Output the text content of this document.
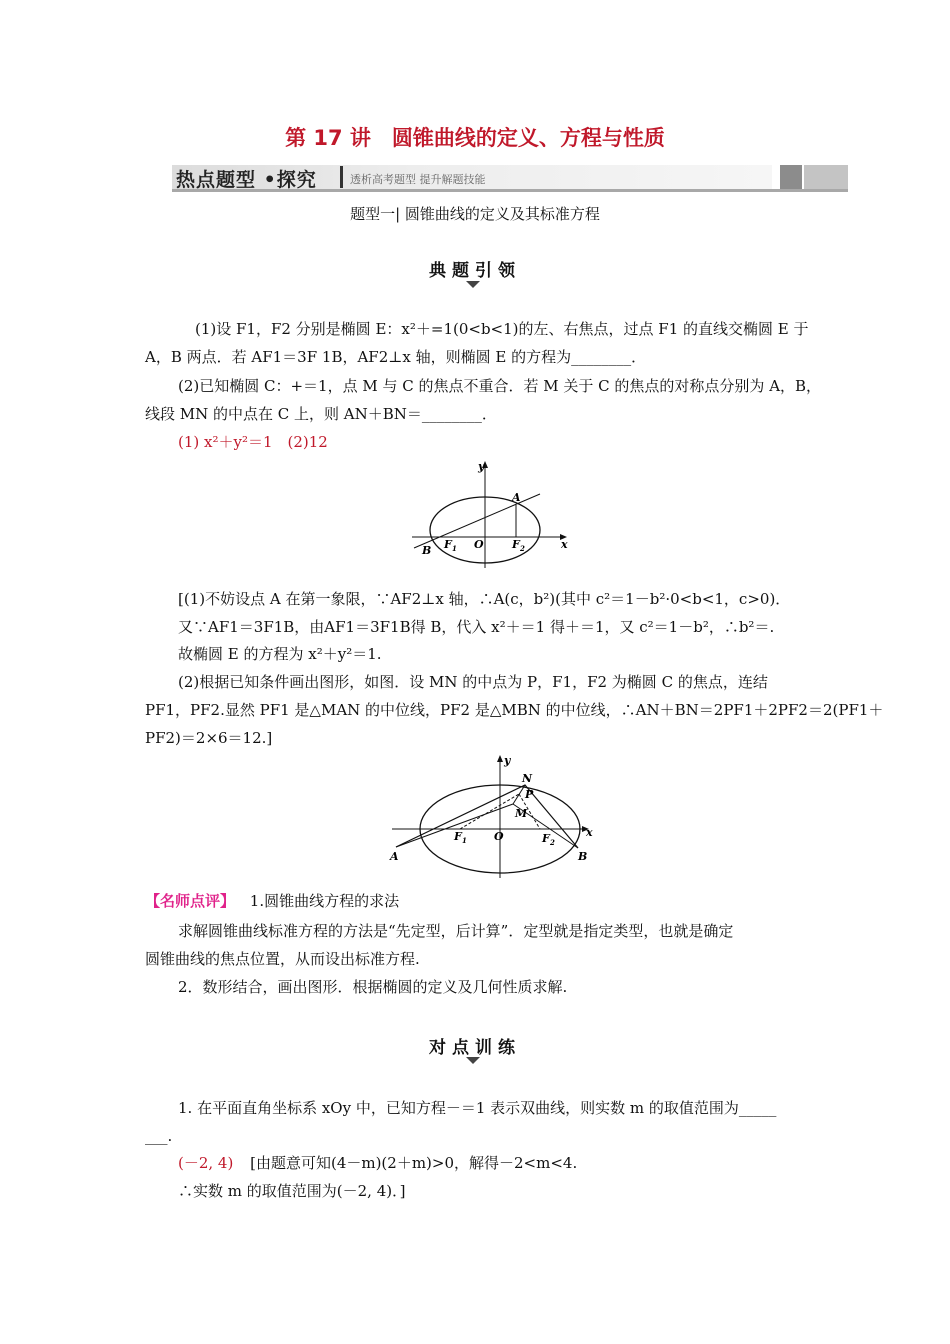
第 17 讲　圆锥曲线的定义、方程与性质
热点题型 •探究	透析高考题型 提升解题技能
题型一| 圆锥曲线的定义及其标准方程
典题引领
(1)设 F1，F2 分别是椭圆 E：x²＋=1(0<b<1)的左、右焦点，过点 F1 的直线交椭圆 E 于
A，B 两点．若 AF1＝3F 1B，AF2⊥x 轴，则椭圆 E 的方程为________．
(2)已知椭圆 C：+＝1，点 M 与 C 的焦点不重合．若 M 关于 C 的焦点的对称点分别为 A，B，
线段 MN 的中点在 C 上，则 AN＋BN＝________．
(1) x²＋y²＝1　(2)12
A
B F 1 O	F 2	x
y
[(1)不妨设点 A 在第一象限，∵AF2⊥x 轴，∴A(c，b²)(其中 c²＝1－b²·0<b<1，c>0)．
又∵AF1＝3F1B，由AF1＝3F1B得 B，代入 x²＋＝1 得＋＝1，又 c²＝1－b²，∴b²＝.
故椭圆 E 的方程为 x²＋y²＝1.
(2)根据已知条件画出图形，如图．设 MN 的中点为 P，F1，F2 为椭圆 C 的焦点，连结
PF1，PF2.显然 PF1 是△MAN 的中位线，PF2 是△MBN 的中位线，∴AN＋BN＝2PF1＋2PF2＝2(PF1＋
PF2)＝2×6＝12.]
A	B
N
P
M
F 1 O	F 2
x
y
【名师点评】 1.圆锥曲线方程的求法
求解圆锥曲线标准方程的方法是“先定型，后计算”．定型就是指定类型，也就是确定
圆锥曲线的焦点位置，从而设出标准方程.
2．数形结合，画出图形．根据椭圆的定义及几何性质求解.
对点训练
1. 在平面直角坐标系 xOy 中，已知方程－＝1 表示双曲线，则实数 m 的取值范围为_____
___.
(－2, 4) [由题意可知(4－m)(2＋m)>0，解得－2<m<4.
∴实数 m 的取值范围为(－2, 4)．]
